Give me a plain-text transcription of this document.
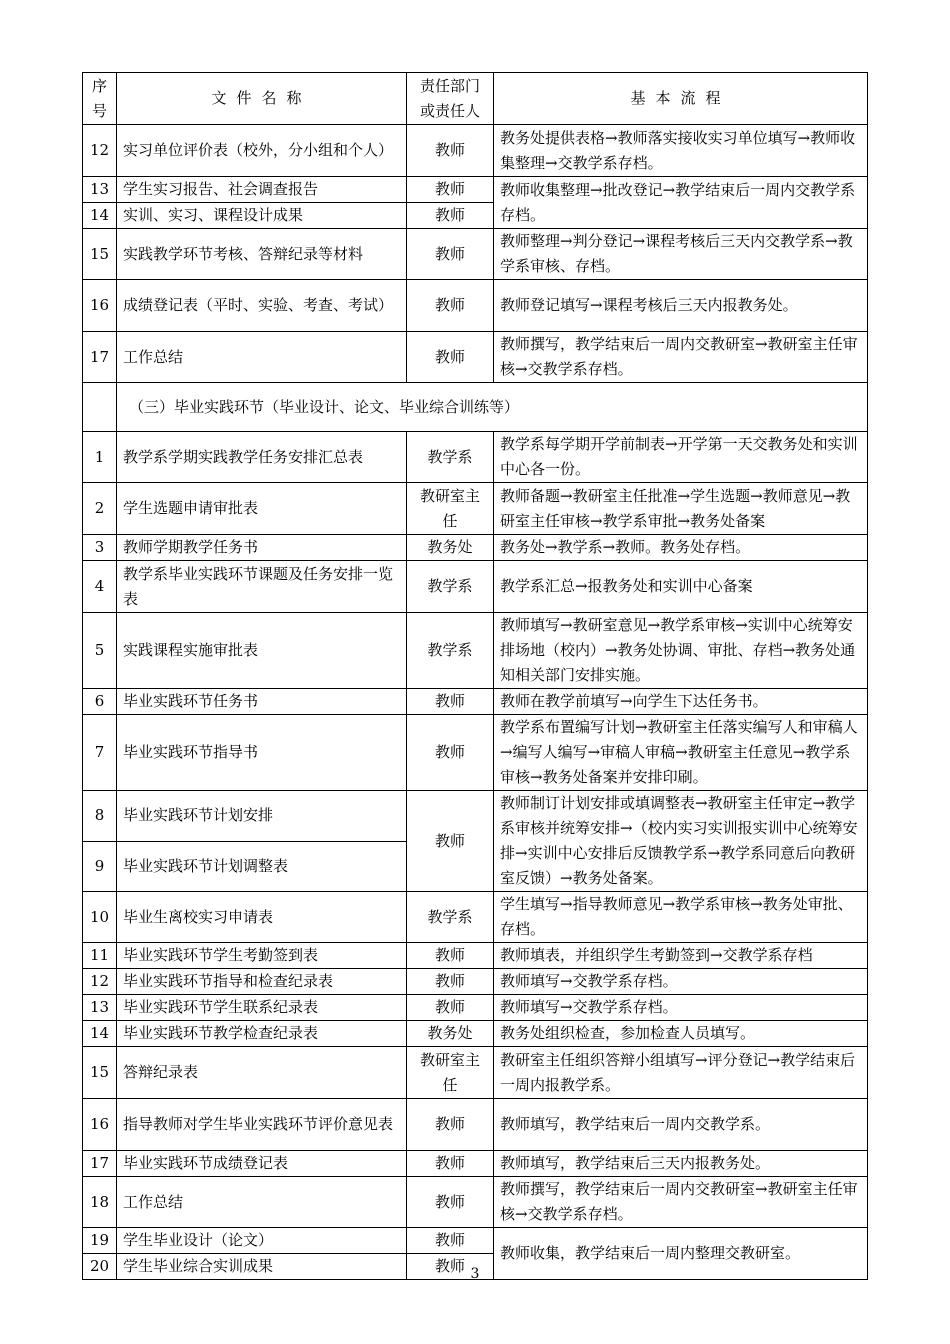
序号	文件名称	责任部门或责任人	基本流程
12	实习单位评价表（校外，分小组和个人）	教师	教务处提供表格→教师落实接收实习单位填写→教师收集整理→交教学系存档。
13	学生实习报告、社会调查报告	教师	教师收集整理→批改登记→教学结束后一周内交教学系存档。
14	实训、实习、课程设计成果	教师	
15	实践教学环节考核、答辩纪录等材料	教师	教师整理→判分登记→课程考核后三天内交教学系→教学系审核、存档。
16	成绩登记表（平时、实验、考查、考试）	教师	教师登记填写→课程考核后三天内报教务处。
17	工作总结	教师	教师撰写，教学结束后一周内交教研室→教研室主任审核→交教学系存档。
	（三）毕业实践环节（毕业设计、论文、毕业综合训练等）		
1	教学系学期实践教学任务安排汇总表	教学系	教学系每学期开学前制表→开学第一天交教务处和实训中心各一份。
2	学生选题申请审批表	教研室主任	教师备题→教研室主任批准→学生选题→教师意见→教研室主任审核→教学系审批→教务处备案
3	教师学期教学任务书	教务处	教务处→教学系→教师。教务处存档。
4	教学系毕业实践环节课题及任务安排一览表	教学系	教学系汇总→报教务处和实训中心备案
5	实践课程实施审批表	教学系	教师填写→教研室意见→教学系审核→实训中心统筹安排场地（校内）→教务处协调、审批、存档→教务处通知相关部门安排实施。
6	毕业实践环节任务书	教师	教师在教学前填写→向学生下达任务书。
7	毕业实践环节指导书	教师	教学系布置编写计划→教研室主任落实编写人和审稿人→编写人编写→审稿人审稿→教研室主任意见→教学系审核→教务处备案并安排印刷。
8	毕业实践环节计划安排	教师	教师制订计划安排或填调整表→教研室主任审定→教学系审核并统筹安排→（校内实习实训报实训中心统筹安排→实训中心安排后反馈教学系→教学系同意后向教研室反馈）→教务处备案。
9	毕业实践环节计划调整表		
10	毕业生离校实习申请表	教学系	学生填写→指导教师意见→教学系审核→教务处审批、存档。
11	毕业实践环节学生考勤签到表	教师	教师填表，并组织学生考勤签到→交教学系存档
12	毕业实践环节指导和检查纪录表	教师	教师填写→交教学系存档。
13	毕业实践环节学生联系纪录表	教师	教师填写→交教学系存档。
14	毕业实践环节教学检查纪录表	教务处	教务处组织检查，参加检查人员填写。
15	答辩纪录表	教研室主任	教研室主任组织答辩小组填写→评分登记→教学结束后一周内报教学系。
16	指导教师对学生毕业实践环节评价意见表	教师	教师填写，教学结束后一周内交教学系。
17	毕业实践环节成绩登记表	教师	教师填写，教学结束后三天内报教务处。
18	工作总结	教师	教师撰写，教学结束后一周内交教研室→教研室主任审核→交教学系存档。
19	学生毕业设计（论文）	教师	教师收集，教学结束后一周内整理交教研室。
20	学生毕业综合实训成果	教师	3
